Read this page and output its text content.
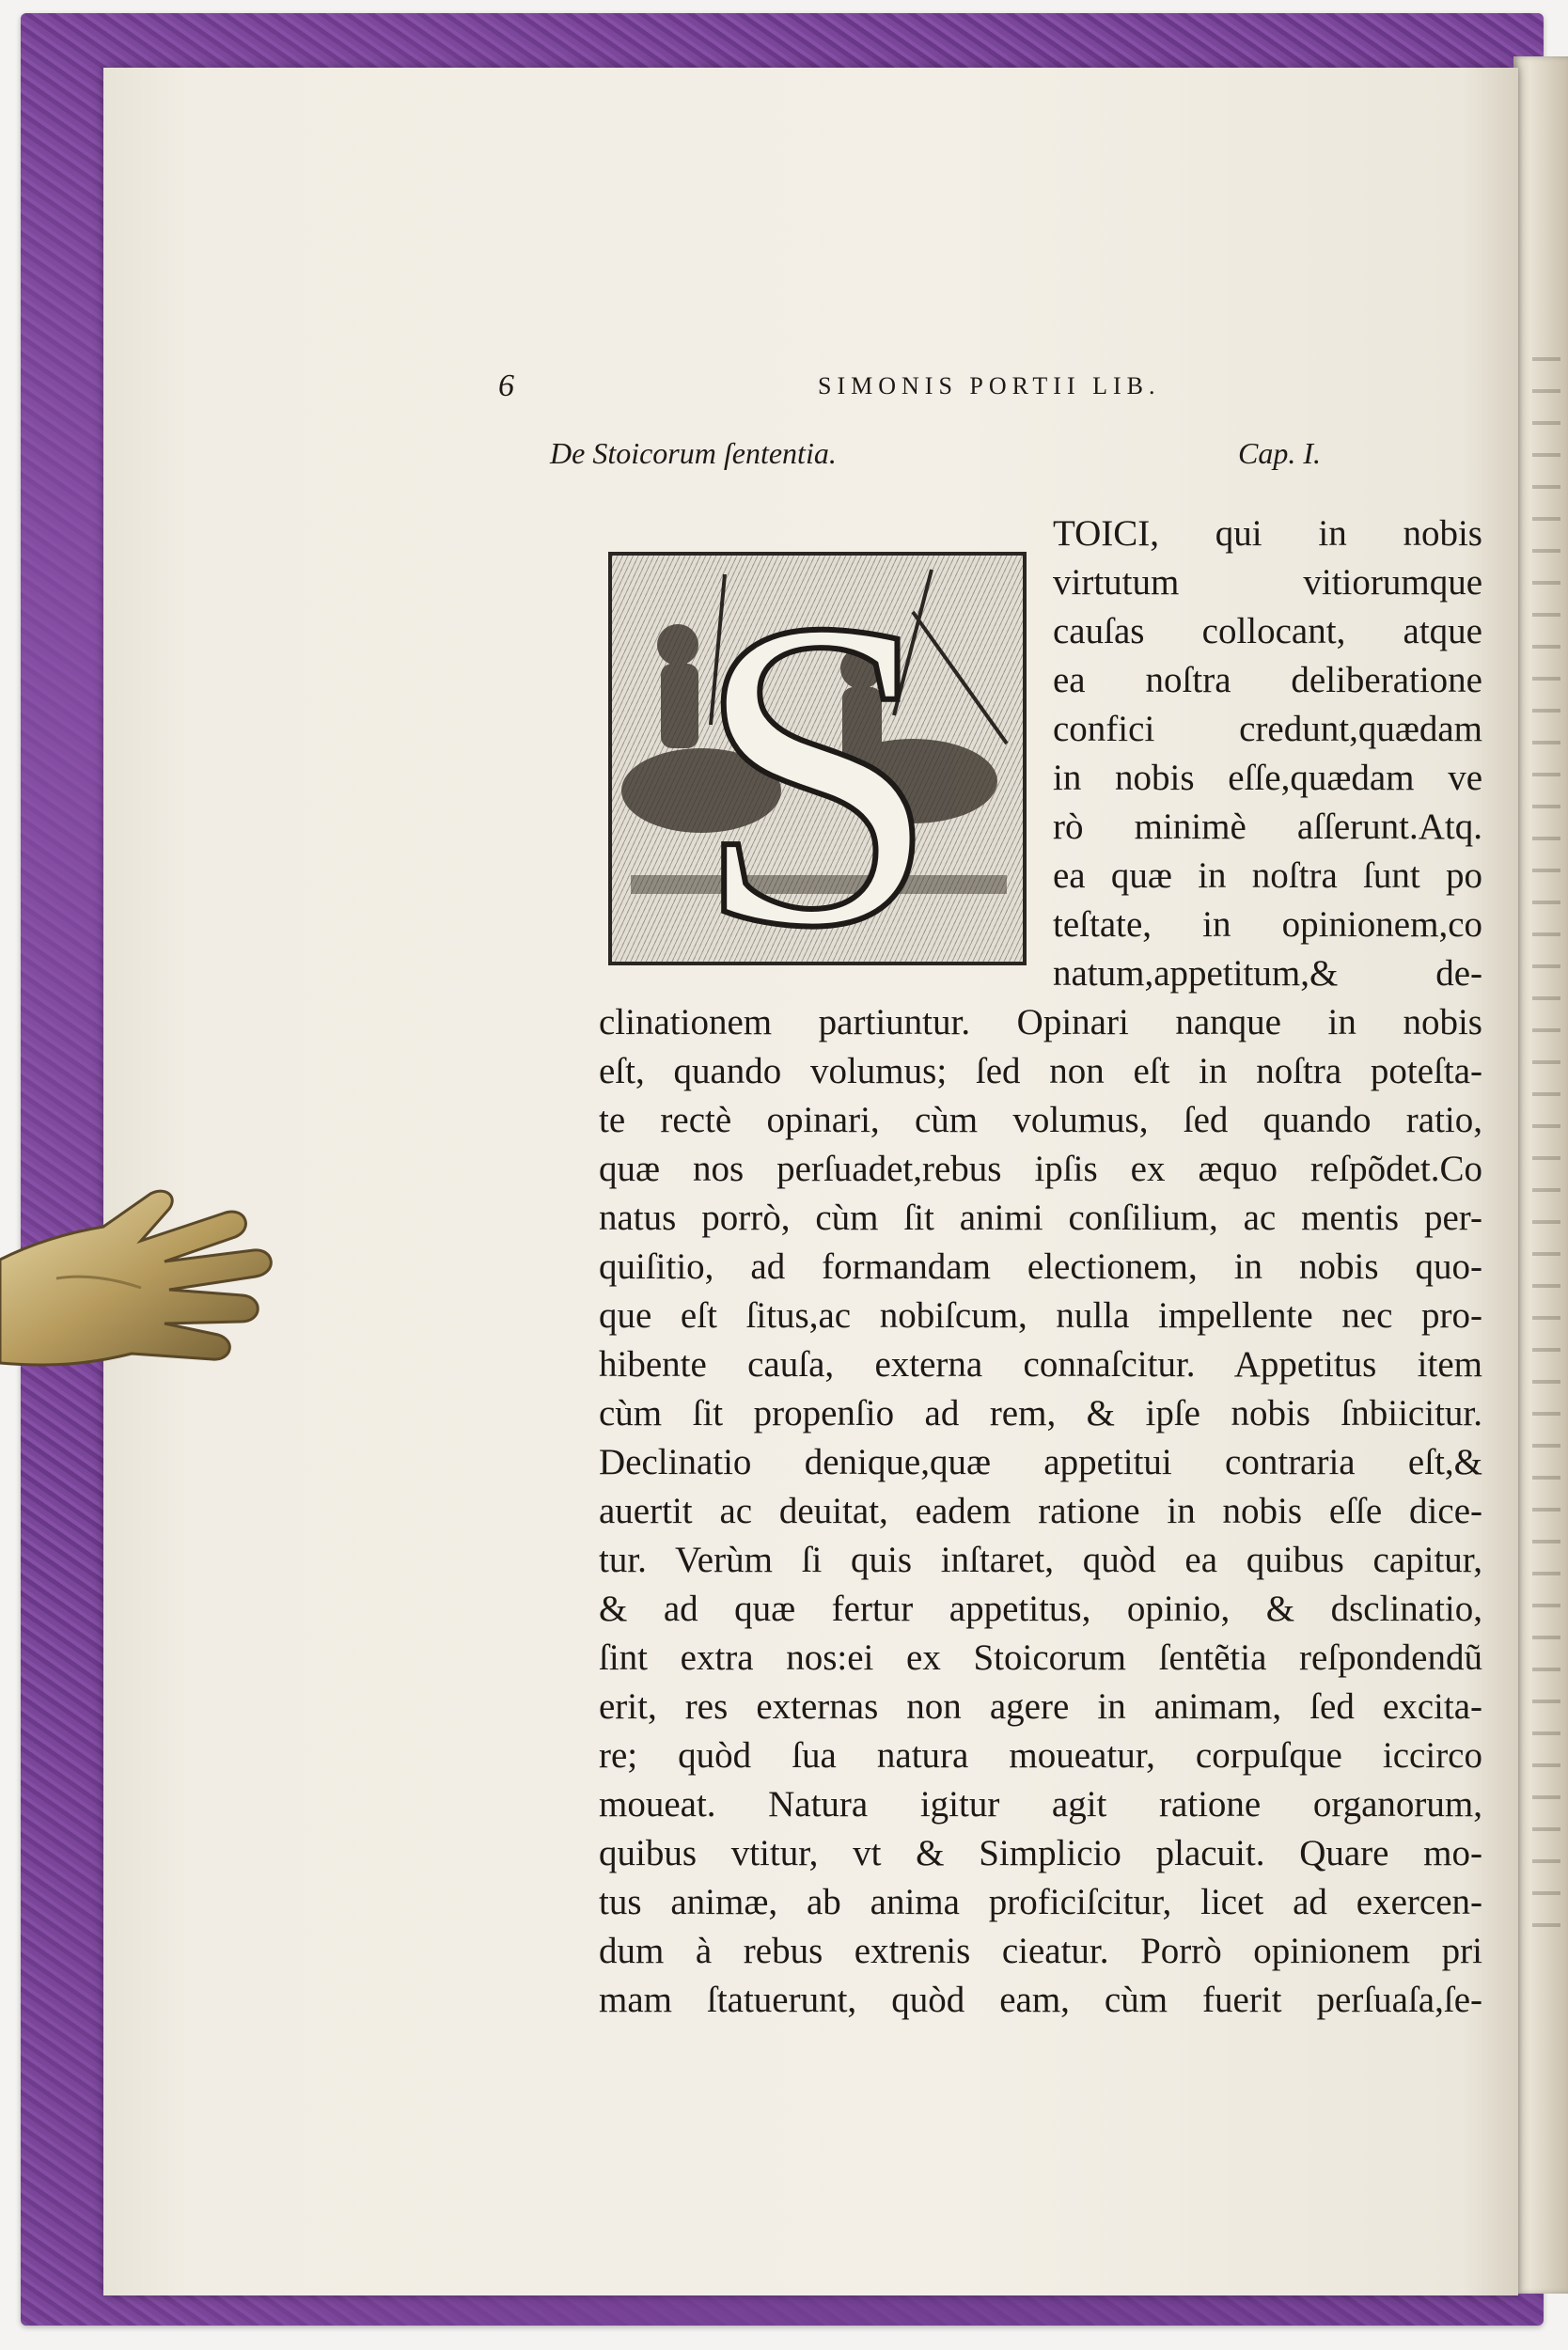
6	SIMONIS PORTII LIB.
De Stoicorum ſententia.	Cap. I.
S	TOICI, qui in nobis
virtutum vitiorumque
cauſas collocant, atque
ea noſtra deliberatione
confici credunt,quædam
in nobis eſſe,quædam ve
rò minimè aſſerunt.Atq.
ea quæ in noſtra ſunt po
teſtate, in opinionem,co
natum,appetitum,& de-
clinationem partiuntur. Opinari nanque in nobis
eſt, quando volumus; ſed non eſt in noſtra poteſta-
te rectè opinari, cùm volumus, ſed quando ratio,
quæ nos perſuadet,rebus ipſis ex æquo reſpõdet.Co
natus porrò, cùm ſit animi conſilium, ac mentis per-
quiſitio, ad formandam electionem, in nobis quo-
que eſt ſitus,ac nobiſcum, nulla impellente nec pro-
hibente cauſa, externa connaſcitur. Appetitus item
cùm ſit propenſio ad rem, & ipſe nobis ſnbiicitur.
Declinatio denique,quæ appetitui contraria eſt,&
auertit ac deuitat, eadem ratione in nobis eſſe dice-
tur. Verùm ſi quis inſtaret, quòd ea quibus capitur,
& ad quæ fertur appetitus, opinio, & dsclinatio,
ſint extra nos:ei ex Stoicorum ſentẽtia reſpondendũ
erit, res externas non agere in animam, ſed excita-
re; quòd ſua natura moueatur, corpuſque iccirco
moueat. Natura igitur agit ratione organorum,
quibus vtitur, vt & Simplicio placuit. Quare mo-
tus animæ, ab anima proficiſcitur, licet ad exercen-
dum à rebus extrenis cieatur. Porrò opinionem pri
mam ſtatuerunt, quòd eam, cùm fuerit perſuaſa,ſe-
